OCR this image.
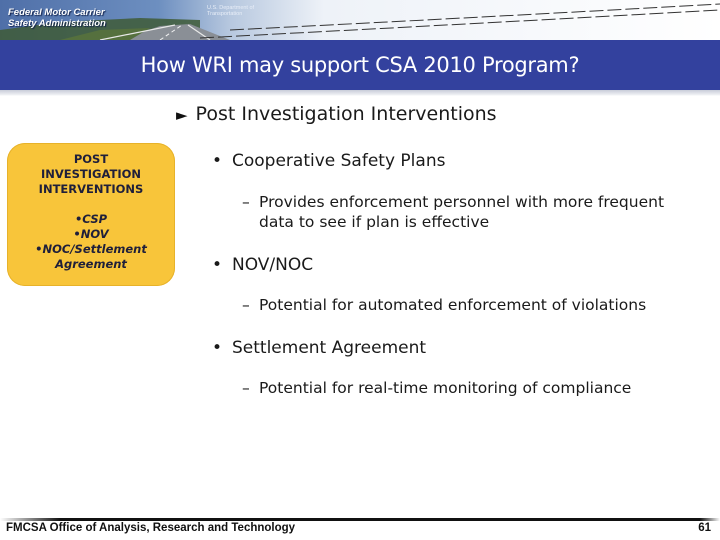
Federal Motor Carrier
Safety Administration
U.S. Department of
Transportation
How WRI may support CSA 2010 Program?
► Post Investigation Interventions
POST
INVESTIGATION
INTERVENTIONS
•CSP
•NOV
•NOC/Settlement
Agreement
• Cooperative Safety Plans
– Provides enforcement personnel with more frequent data to see if plan is effective
• NOV/NOC
– Potential for automated enforcement of violations
• Settlement Agreement
– Potential for real-time monitoring of compliance
FMCSA Office of Analysis, Research and Technology	61
